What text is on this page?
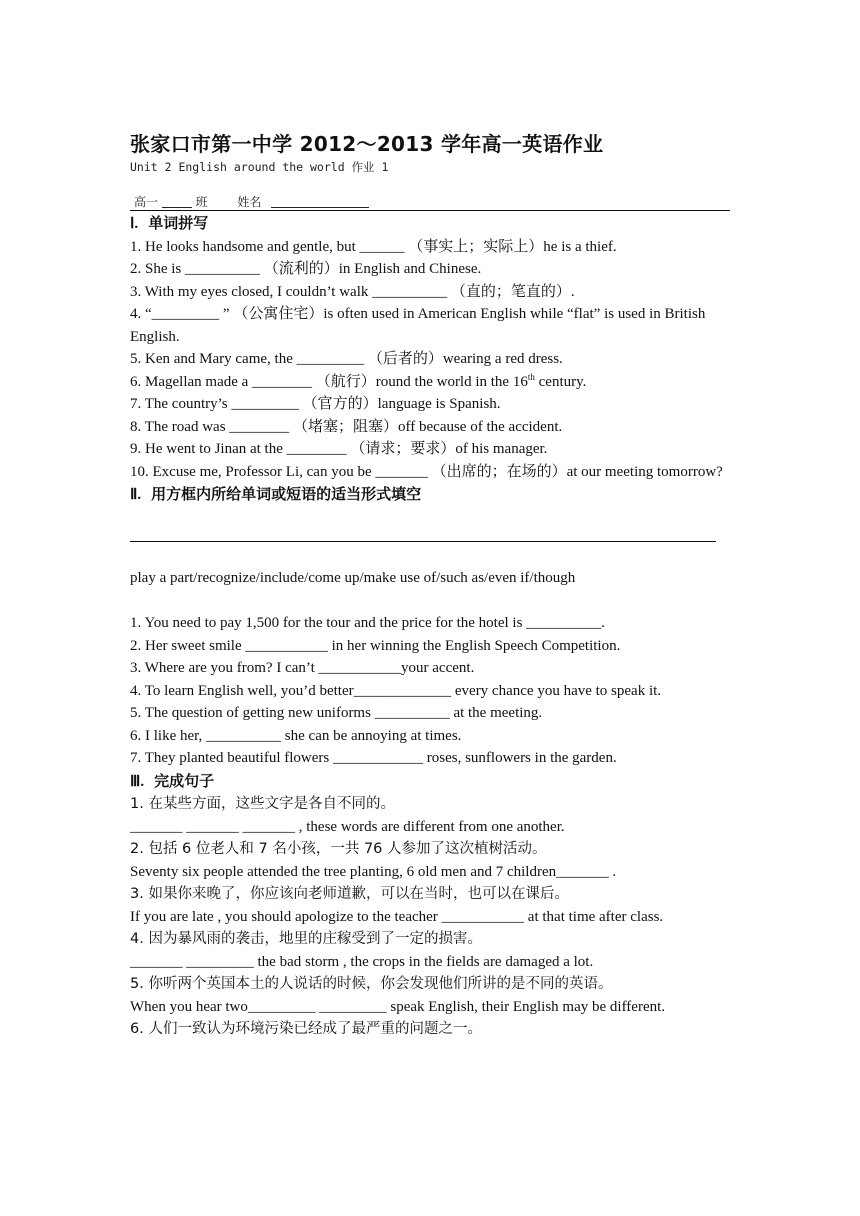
张家口市第一中学 2012～2013 学年高一英语作业
Unit 2 English around the world 作业 1
高一	班 姓名
Ⅰ. 单词拼写
1. He looks handsome and gentle, but ______ （事实上；实际上）he is a thief.
2. She is __________ （流利的）in English and Chinese.
3. With my eyes closed, I couldn’t walk __________ （直的；笔直的）.
4. “_________ ” （公寓住宅）is often used in American English while “flat” is used in British English.
5. Ken and Mary came, the _________ （后者的）wearing a red dress.
6. Magellan made a ________ （航行）round the world in the 16th century.
7. The country’s _________ （官方的）language is Spanish.
8. The road was ________ （堵塞；阻塞）off because of the accident.
9. He went to Jinan at the ________ （请求；要求）of his manager.
10. Excuse me, Professor Li, can you be _______ （出席的；在场的）at our meeting tomorrow?
Ⅱ. 用方框内所给单词或短语的适当形式填空
play a part/recognize/include/come up/make use of/such as/even if/though
1. You need to pay 1,500 for the tour and the price for the hotel is __________.
2. Her sweet smile ___________ in her winning the English Speech Competition.
3. Where are you from? I can’t ___________your accent.
4. To learn English well, you’d better_____________ every chance you have to speak it.
5. The question of getting new uniforms __________ at the meeting.
6. I like her, __________ she can be annoying at times.
7. They planted beautiful flowers ____________ roses, sunflowers in the garden.
Ⅲ. 完成句子
1. 在某些方面，这些文字是各自不同的。
_______ _______ _______ , these words are different from one another.
2. 包括 6 位老人和 7 名小孩，一共 76 人参加了这次植树活动。
Seventy six people attended the tree planting, 6 old men and 7 children_______ .
3. 如果你来晚了，你应该向老师道歉，可以在当时，也可以在课后。
If you are late , you should apologize to the teacher ___________ at that time after class.
4. 因为暴风雨的袭击，地里的庄稼受到了一定的损害。
_______ _________ the bad storm , the crops in the fields are damaged a lot.
5. 你听两个英国本土的人说话的时候，你会发现他们所讲的是不同的英语。
When you hear two_________ _________ speak English, their English may be different.
6. 人们一致认为环境污染已经成了最严重的问题之一。
